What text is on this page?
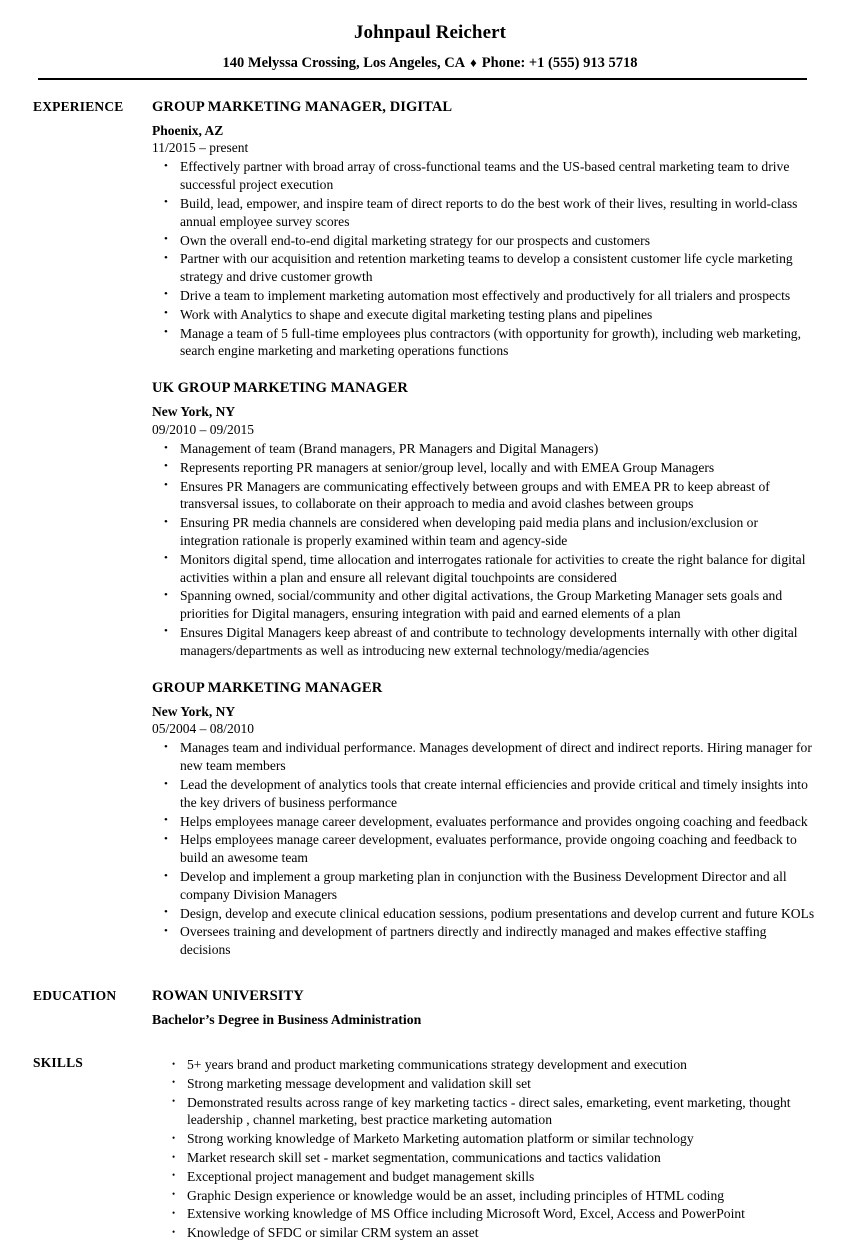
Johnpaul Reichert
140 Melyssa Crossing, Los Angeles, CA ♦ Phone: +1 (555) 913 5718
EXPERIENCE	GROUP MARKETING MANAGER, DIGITAL
Phoenix, AZ
11/2015 – present
• Effectively partner with broad array of cross-functional teams and the US-based central marketing team to drive successful project execution
• Build, lead, empower, and inspire team of direct reports to do the best work of their lives, resulting in world-class annual employee survey scores
• Own the overall end-to-end digital marketing strategy for our prospects and customers
• Partner with our acquisition and retention marketing teams to develop a consistent customer life cycle marketing strategy and drive customer growth
• Drive a team to implement marketing automation most effectively and productively for all trialers and prospects
• Work with Analytics to shape and execute digital marketing testing plans and pipelines
• Manage a team of 5 full-time employees plus contractors (with opportunity for growth), including web marketing, search engine marketing and marketing operations functions
UK GROUP MARKETING MANAGER
New York, NY
09/2010 – 09/2015
• Management of team (Brand managers, PR Managers and Digital Managers)
• Represents reporting PR managers at senior/group level, locally and with EMEA Group Managers
• Ensures PR Managers are communicating effectively between groups and with EMEA PR to keep abreast of transversal issues, to collaborate on their approach to media and avoid clashes between groups
• Ensuring PR media channels are considered when developing paid media plans and inclusion/exclusion or integration rationale is properly examined within team and agency-side
• Monitors digital spend, time allocation and interrogates rationale for activities to create the right balance for digital activities within a plan and ensure all relevant digital touchpoints are considered
• Spanning owned, social/community and other digital activations, the Group Marketing Manager sets goals and priorities for Digital managers, ensuring integration with paid and earned elements of a plan
• Ensures Digital Managers keep abreast of and contribute to technology developments internally with other digital managers/departments as well as introducing new external technology/media/agencies
GROUP MARKETING MANAGER
New York, NY
05/2004 – 08/2010
• Manages team and individual performance. Manages development of direct and indirect reports. Hiring manager for new team members
• Lead the development of analytics tools that create internal efficiencies and provide critical and timely insights into the key drivers of business performance
• Helps employees manage career development, evaluates performance and provides ongoing coaching and feedback
• Helps employees manage career development, evaluates performance, provide ongoing coaching and feedback to build an awesome team
• Develop and implement a group marketing plan in conjunction with the Business Development Director and all company Division Managers
• Design, develop and execute clinical education sessions, podium presentations and develop current and future KOLs
• Oversees training and development of partners directly and indirectly managed and makes effective staffing decisions
EDUCATION	ROWAN UNIVERSITY
Bachelor’s Degree in Business Administration
SKILLS	• 5+ years brand and product marketing communications strategy development and execution
• Strong marketing message development and validation skill set
• Demonstrated results across range of key marketing tactics - direct sales, emarketing, event marketing, thought leadership , channel marketing, best practice marketing automation
• Strong working knowledge of Marketo Marketing automation platform or similar technology
• Market research skill set - market segmentation, communications and tactics validation
• Exceptional project management and budget management skills
• Graphic Design experience or knowledge would be an asset, including principles of HTML coding
• Extensive working knowledge of MS Office including Microsoft Word, Excel, Access and PowerPoint
• Knowledge of SFDC or similar CRM system an asset
